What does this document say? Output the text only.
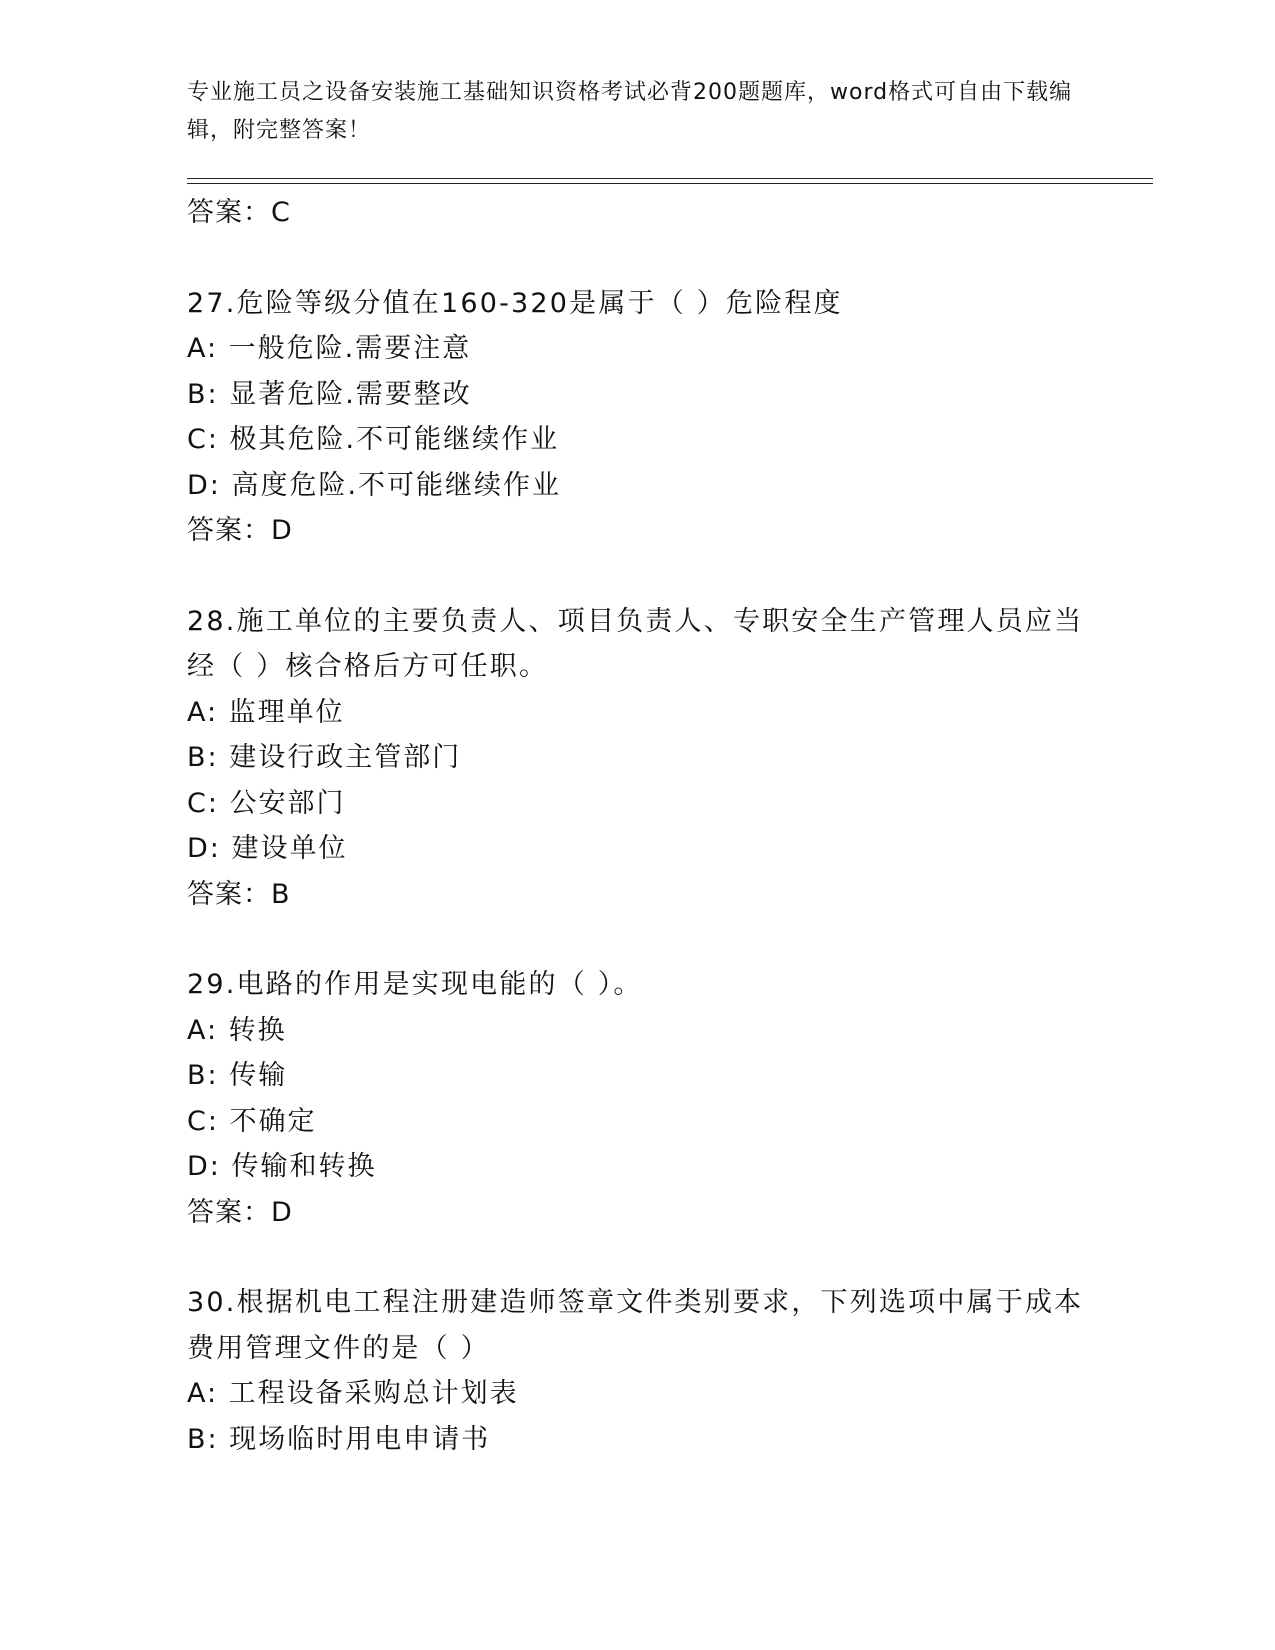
专业施工员之设备安装施工基础知识资格考试必背200题题库，word格式可自由下载编辑，附完整答案！
答案：C
27.危险等级分值在160-320是属于（ ）危险程度
A: 一般危险.需要注意
B: 显著危险.需要整改
C: 极其危险.不可能继续作业
D: 高度危险.不可能继续作业
答案：D
28.施工单位的主要负责人、项目负责人、专职安全生产管理人员应当经（ ）核合格后方可任职。
A: 监理单位
B: 建设行政主管部门
C: 公安部门
D: 建设单位
答案：B
29.电路的作用是实现电能的（ ）。
A: 转换
B: 传输
C: 不确定
D: 传输和转换
答案：D
30.根据机电工程注册建造师签章文件类别要求，下列选项中属于成本费用管理文件的是（ ）
A: 工程设备采购总计划表
B: 现场临时用电申请书
